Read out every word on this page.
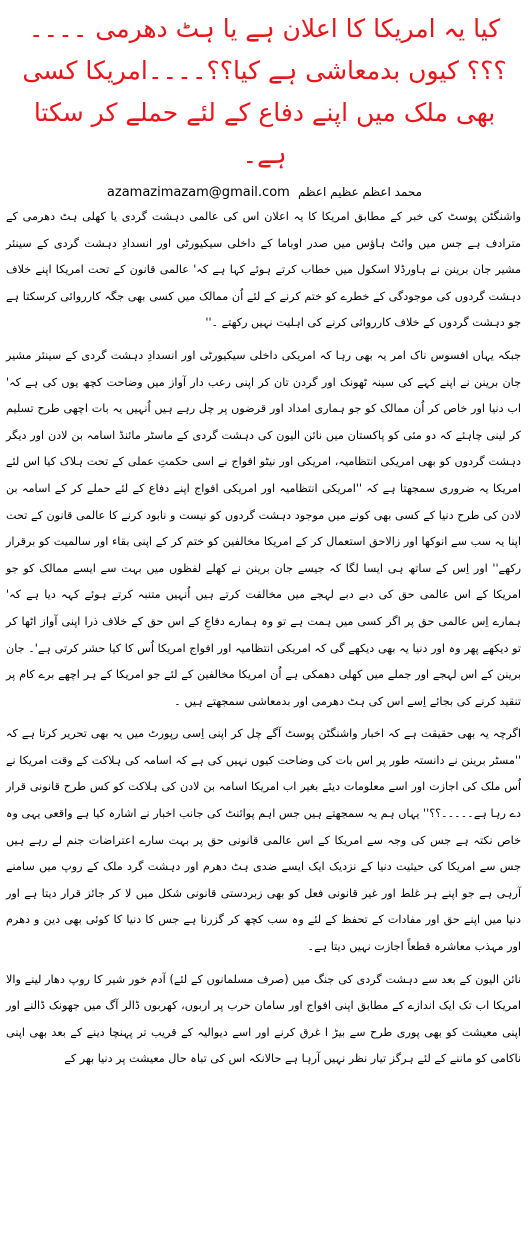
کیا یہ امریکا کا اعلان ہے یا ہٹ دھرمی ۔۔۔۔ ؟؟؟ کیوں بدمعاشی ہے کیا؟؟۔۔۔۔امریکا کسی بھی ملک میں اپنے دفاع کے لئے حملے کر سکتا ہے۔
azamazimazam@gmail.com محمد اعظم عظیم اعظم

واشنگٹن پوسٹ کی خبر کے مطابق امریکا کا یہ اعلان اس کی عالمی دہشت گردی یا کھلی ہٹ دھرمی کے مترادف ہے جس میں وائٹ ہاؤس میں صدر اوباما کے داخلی سیکیورٹی اور انسدادِ دہشت گردی کے سینئر مشیر جان برینن نے ہاورڈلا اسکول میں خطاب کرتے ہوئے کہا ہے کہ' عالمی قانون کے تحت امریکا اپنے خلاف دہشت گردوں کی موجودگی کے خطرے کو ختم کرنے کے لئے اُن ممالک میں کسی بھی جگہ کارروائی کرسکتا ہے جو دہشت گردوں کے خلاف کارروائی کرنے کی اہلیت نہیں رکھتے ۔''

جبکہ یہاں افسوس ناک امر یہ بھی رہا کہ امریکی داخلی سیکیورٹی اور انسدادِ دہشت گردی کے سینئر مشیر جان برینن نے اپنے کہے کی سینہ ٹھونک اور گردن تان کر اپنی رعب دار آواز میں وضاحت کچھ یوں کی ہے کہ' اب دنیا اور خاص کر اُن ممالک کو جو ہماری امداد اور قرضوں پر چل رہے ہیں اُنہیں یہ بات اچھی طرح تسلیم کر لینی چاہئے کہ دو مئی کو پاکستان میں نائن الیون کی دہشت گردی کے ماسٹر مائنڈ اسامہ بن لادن اور دیگر دہشت گردوں کو بھی امریکی انتظامیہ، امریکی اور نیٹو افواج نے اسی حکمتِ عملی کے تحت ہلاک کیا اس لئے امریکا یہ ضروری سمجھتا ہے کہ ''امریکی انتظامیہ اور امریکی افواج اپنے دفاع کے لئے حملے کر کے اسامہ بن لادن کی طرح دنیا کے کسی بھی کونے میں موجود دہشت گردوں کو نیست و نابود کرنے کا عالمی قانون کے تحت اپنا یہ سب سے انوکھا اور زالاحق استعمال کر کے امریکا مخالفین کو ختم کر کے اپنی بقاء اور سالمیت کو برقرار رکھے'' اور اِس کے ساتھ ہی ایسا لگا کہ جیسے جان برینن نے کھلے لفظوں میں بہت سے ایسے ممالک کو جو امریکا کے اس عالمی حق کی دبے دبے لہجے میں مخالفت کرتے ہیں اُنہیں متنبہ کرتے ہوئے کہہ دیا ہے کہ' ہمارے اِس عالمی حق پر اگر کسی میں ہمت ہے تو وہ ہمارے دفاعِ کے اس حق کے خلاف ذرا اپنی آواز اٹھا کر تو دیکھے پھر وہ اور دنیا یہ بھی دیکھے گی کہ امریکی انتظامیہ اور افواج امریکا اُس کا کیا حشر کرتی ہے'۔ جان برینن کے اس لہجے اور جملے میں کھلی دھمکی ہے اُن امریکا مخالفین کے لئے جو امریکا کے ہر اچھے برے کام پر تنقید کرنے کی بجائے اِسے اس کی ہٹ دھرمی اور بدمعاشی سمجھتے ہیں ۔

اگرچہ یہ بھی حقیقت ہے کہ اخبار واشنگٹن پوسٹ آگے چل کر اپنی اِسی رپورٹ میں یہ بھی تحریر کرتا ہے کہ ''مسٹر برینن نے دانستہ طور پر اس بات کی وضاحت کیوں نہیں کی ہے کہ اسامہ کی ہلاکت کے وقت امریکا نے اُس ملک کی اجازت اور اسے معلومات دیئے بغیر اب امریکا اسامہ بن لادن کی ہلاکت کو کس طرح قانونی قرار دے رہا ہے۔۔۔۔۔؟؟'' یہاں ہم یہ سمجھتے ہیں جس اہم پوائنٹ کی جانب اخبار نے اشارہ کیا ہے واقعی یہی وہ خاص نکتہ ہے جس کی وجہ سے امریکا کے اس عالمی قانونی حق پر بہت سارے اعتراضات جنم لے رہے ہیں جس سے امریکا کی حیثیت دنیا کے نزدیک ایک ایسے ضدی ہٹ دھرم اور دہشت گرد ملک کے روپ میں سامنے آرہی ہے جو اپنے ہر غلط اور غیر قانونی فعل کو بھی زبردستی قانونی شکل میں لا کر جائز قرار دیتا ہے اور دنیا میں اپنے حق اور مفادات کے تحفظ کے لئے وہ سب کچھ کر گزرنا ہے جس کا دنیا کا کوئی بھی دین و دھرم اور مہذب معاشرہ قطعاً اجازت نہیں دیتا ہے۔

نائن الیون کے بعد سے دہشت گردی کی جنگ میں (صرف مسلمانوں کے لئے) آدم خور شیر کا روپ دھار لینے والا امریکا اب تک ایک اندازے کے مطابق اپنی افواج اور سامان حرب پر اربوں، کھربوں ڈالر آگ میں جھونک ڈالنے اور اپنی معیشت کو بھی پوری طرح سے بیڑ ا غرق کرنے اور اسے دیوالیہ کے قریب تر پہنچا دینے کے بعد بھی اپنی ناکامی کو ماننے کے لئے ہرگز تیار نظر نہیں آرہا ہے حالانکہ اس کی تباہ حال معیشت پر دنیا بھر کے
